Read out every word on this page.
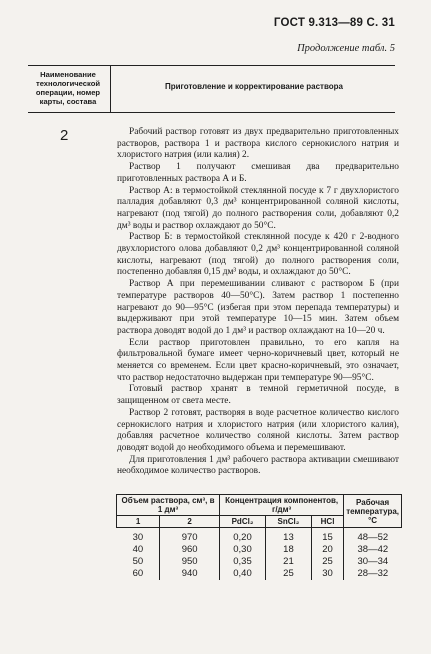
ГОСТ 9.313—89 С. 31
Продолжение табл. 5
Наименование технологической операции, номер карты, состава
Приготовление и корректирование раствора
2	Рабочий раствор готовят из двух предварительно приготовленных растворов, раствора 1 и раствора кислого сернокислого натрия и хлористого натрия (или калия) 2.

Раствор 1 получают смешивая два предварительно приготовленных раствора А и Б.

Раствор А: в термостойкой стеклянной посуде к 7 г двухлористого палладия добавляют 0,3 дм³ концентрированной соляной кислоты, нагревают (под тягой) до полного растворения соли, добавляют 0,2 дм³ воды и раствор охлаждают до 50°С.

Раствор Б: в термостойкой стеклянной посуде к 420 г 2-водного двухлористого олова добавляют 0,2 дм³ концентрированной соляной кислоты, нагревают (под тягой) до полного растворения соли, постепенно добавляя 0,15 дм³ воды, и охлаждают до 50°С.

Раствор А при перемешивании сливают с раствором Б (при температуре растворов 40—50°С). Затем раствор 1 постепенно нагревают до 90—95°С (избегая при этом перепада температуры) и выдерживают при этой температуре 10—15 мин. Затем объем раствора доводят водой до 1 дм³ и раствор охлаждают на 10—20 ч.

Если раствор приготовлен правильно, то его капля на фильтровальной бумаге имеет черно-коричневый цвет, который не меняется со временем. Если цвет красно-коричневый, это означает, что раствор недостаточно выдержан при температуре 90—95°С.

Готовый раствор хранят в темной герметичной посуде, в защищенном от света месте.

Раствор 2 готовят, растворяя в воде расчетное количество кислого сернокислого натрия и хлористого натрия (или хлористого калия), добавляя расчетное количество соляной кислоты. Затем раствор доводят водой до необходимого объема и перемешивают.

Для приготовления 1 дм³ рабочего раствора активации смешивают необходимое количество растворов.

Объем раствора, см³, в 1 дм³		Концентрация компонентов, г/дм³			Рабочая температура, °С
1	2	PdCl₂	SnCl₂	HCl	
30	970	0,20	13	15	48—52
40	960	0,30	18	20	38—42
50	950	0,35	21	25	30—34
60	940	0,40	25	30	28—32
